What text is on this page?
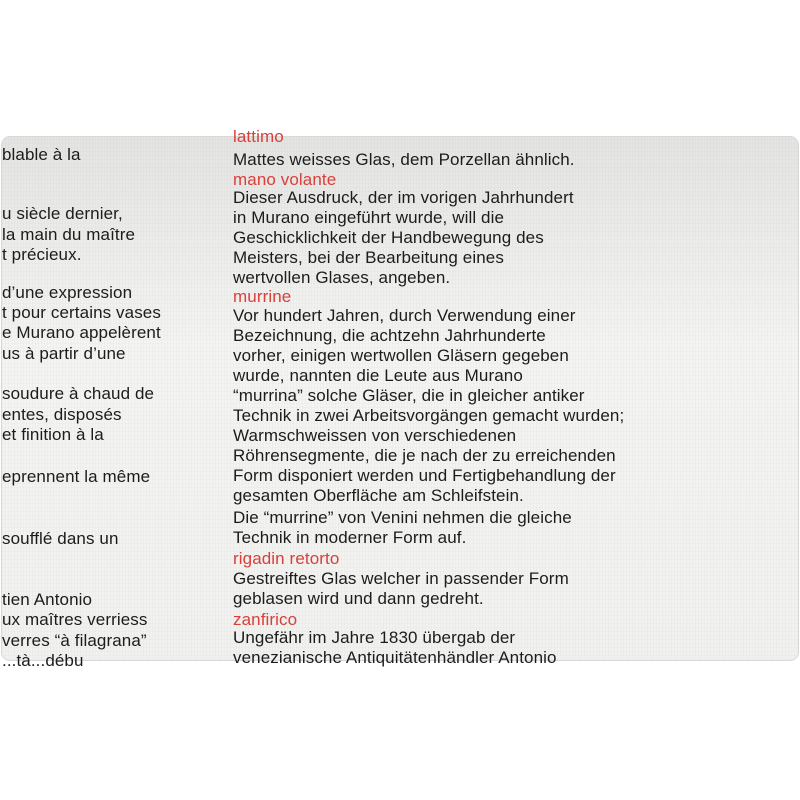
blable à la
u siècle dernier,
la main du maître
t précieux.
d’une expression
t pour certains vases
e Murano appelèrent
us à partir d’une
soudure à chaud de
entes, disposés
et finition à la
eprennent la même
soufflé dans un
tien Antonio
ux maîtres verriess
verres “à filagrana”
...tà...débu
lattimo
Mattes weisses Glas, dem Porzellan ähnlich.
mano volante
Dieser Ausdruck, der im vorigen Jahrhundert
in Murano eingeführt wurde, will die
Geschicklichkeit der Handbewegung des
Meisters, bei der Bearbeitung eines
wertvollen Glases, angeben.
murrine
Vor hundert Jahren, durch Verwendung einer
Bezeichnung, die achtzehn Jahrhunderte
vorher, einigen wertwollen Gläsern gegeben
wurde, nannten die Leute aus Murano
“murrina” solche Gläser, die in gleicher antiker
Technik in zwei Arbeitsvorgängen gemacht wurden;
Warmschweissen von verschiedenen
Röhrensegmente, die je nach der zu erreichenden
Form disponiert werden und Fertigbehandlung der
gesamten Oberfläche am Schleifstein.
Die “murrine” von Venini nehmen die gleiche
Technik in moderner Form auf.
rigadin retorto
Gestreiftes Glas welcher in passender Form
geblasen wird und dann gedreht.
zanfirico
Ungefähr im Jahre 1830 übergab der
venezianische Antiquitätenhändler Antonio
